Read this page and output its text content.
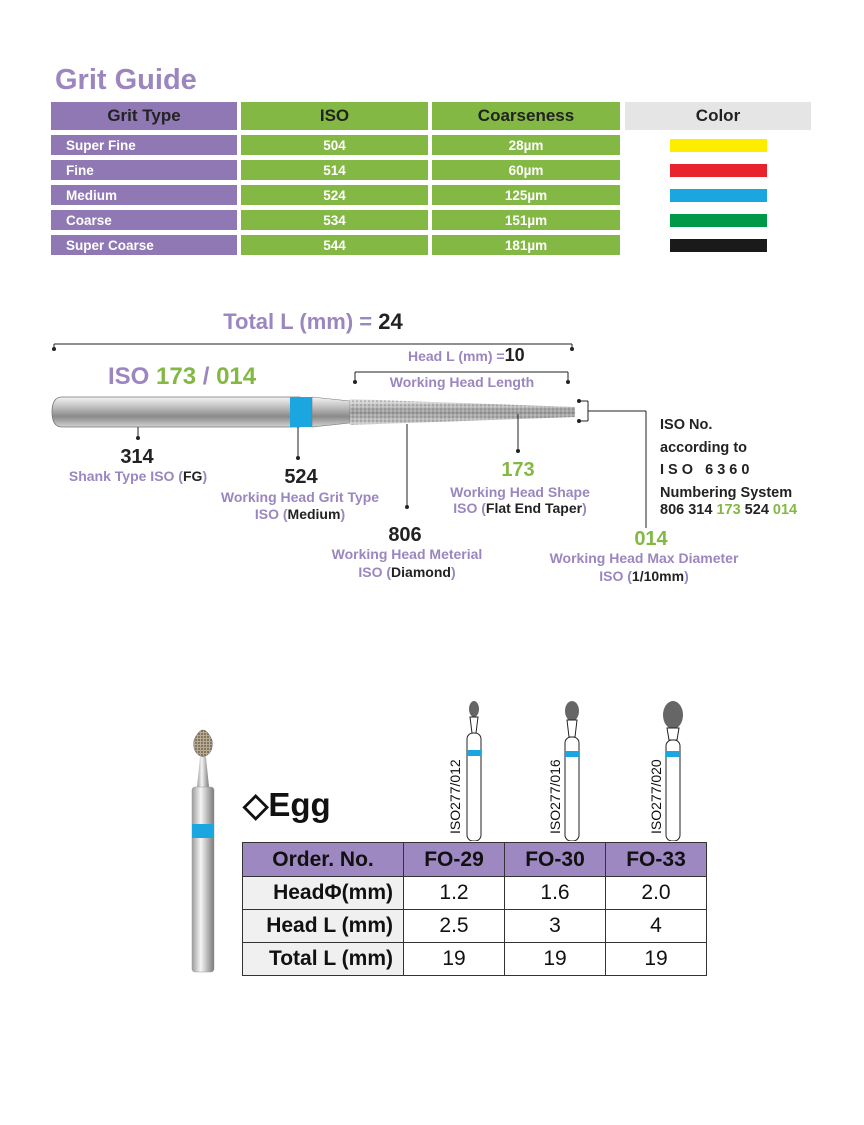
Grit Guide
Grit Type	ISO	Coarseness	Color
Super Fine	504	28µm
Fine	514	60µm
Medium	524	125µm
Coarse	534	151µm
Super Coarse	544	181µm
Total L (mm) = 24
ISO 173 / 014
Head L (mm) =10
Working Head Length
314
Shank Type ISO (FG)	524
Working Head Grit Type
ISO (Medium)
806
Working Head Meterial
ISO (Diamond)
173
Working Head Shape
ISO (Flat End Taper)
014
Working Head Max Diameter
ISO (1/10mm)
ISO No.
according to
I S O   6 3 6 0
Numbering System
806 314 173 524 014
◇Egg	ISO277/012	ISO277/016	ISO277/020
Order. No.	FO-29	FO-30	FO-33
HeadΦ(mm)	1.2	1.6	2.0
Head L (mm)	2.5	3	4
Total L (mm)	19	19	19
